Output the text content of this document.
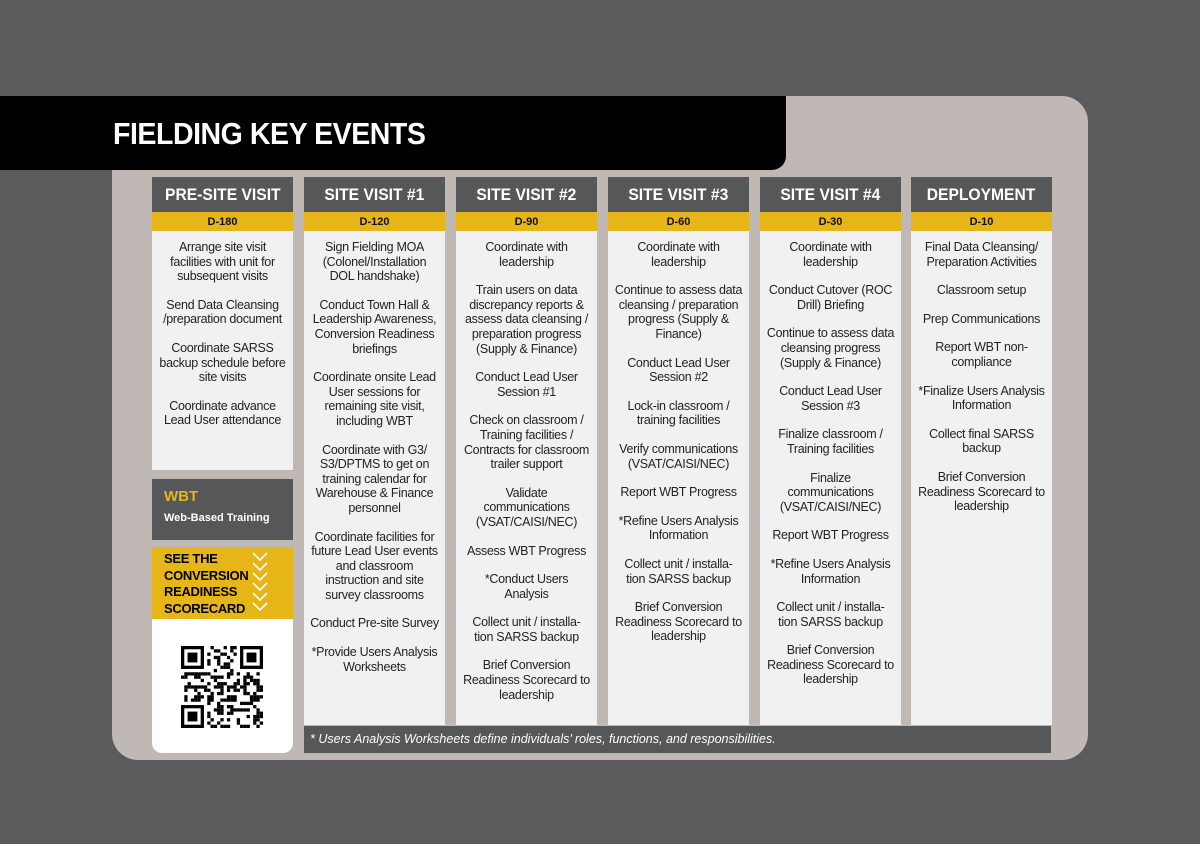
FIELDING KEY EVENTS
PRE-SITE VISIT
D-180
Arrange site visit facilities with unit for subsequent visits
Send Data Cleansing /preparation document
Coordinate SARSS backup schedule before site visits
Coordinate advance Lead User attendance
SITE VISIT #1
D-120
Sign Fielding MOA (Colonel/Installation DOL handshake)
Conduct Town Hall & Leadership Awareness, Conversion Readiness briefings
Coordinate onsite Lead User sessions for remaining site visit, including WBT
Coordinate with G3/ S3/DPTMS to get on training calendar for Warehouse & Finance personnel
Coordinate facilities for future Lead User events and classroom instruction and site survey classrooms
Conduct Pre-site Survey
*Provide Users Analysis Worksheets
SITE VISIT #2
D-90
Coordinate with leadership
Train users on data discrepancy reports & assess data cleansing / preparation progress (Supply & Finance)
Conduct Lead User Session #1
Check on classroom / Training facilities / Contracts for classroom trailer support
Validate communications (VSAT/CAISI/NEC)
Assess WBT Progress
*Conduct Users Analysis
Collect unit / installa- tion SARSS backup
Brief Conversion Readiness Scorecard to leadership
SITE VISIT #3
D-60
Coordinate with leadership
Continue to assess data cleansing / preparation progress (Supply & Finance)
Conduct Lead User Session #2
Lock-in classroom / training facilities
Verify communications (VSAT/CAISI/NEC)
Report WBT Progress
*Refine Users Analysis Information
Collect unit / installa- tion SARSS backup
Brief Conversion Readiness Scorecard to leadership
SITE VISIT #4
D-30
Coordinate with leadership
Conduct Cutover (ROC Drill) Briefing
Continue to assess data cleansing progress (Supply & Finance)
Conduct Lead User Session #3
Finalize classroom / Training facilities
Finalize communications (VSAT/CAISI/NEC)
Report WBT Progress
*Refine Users Analysis Information
Collect unit / installa- tion SARSS backup
Brief Conversion Readiness Scorecard to leadership
DEPLOYMENT
D-10
Final Data Cleansing/ Preparation Activities
Classroom setup
Prep Communications
Report WBT non-compliance
*Finalize Users Analysis Information
Collect final SARSS backup
Brief Conversion Readiness Scorecard to leadership
WBT
Web-Based Training
SEE THE CONVERSION READINESS SCORECARD
* Users Analysis Worksheets define individuals’ roles, functions, and responsibilities.
